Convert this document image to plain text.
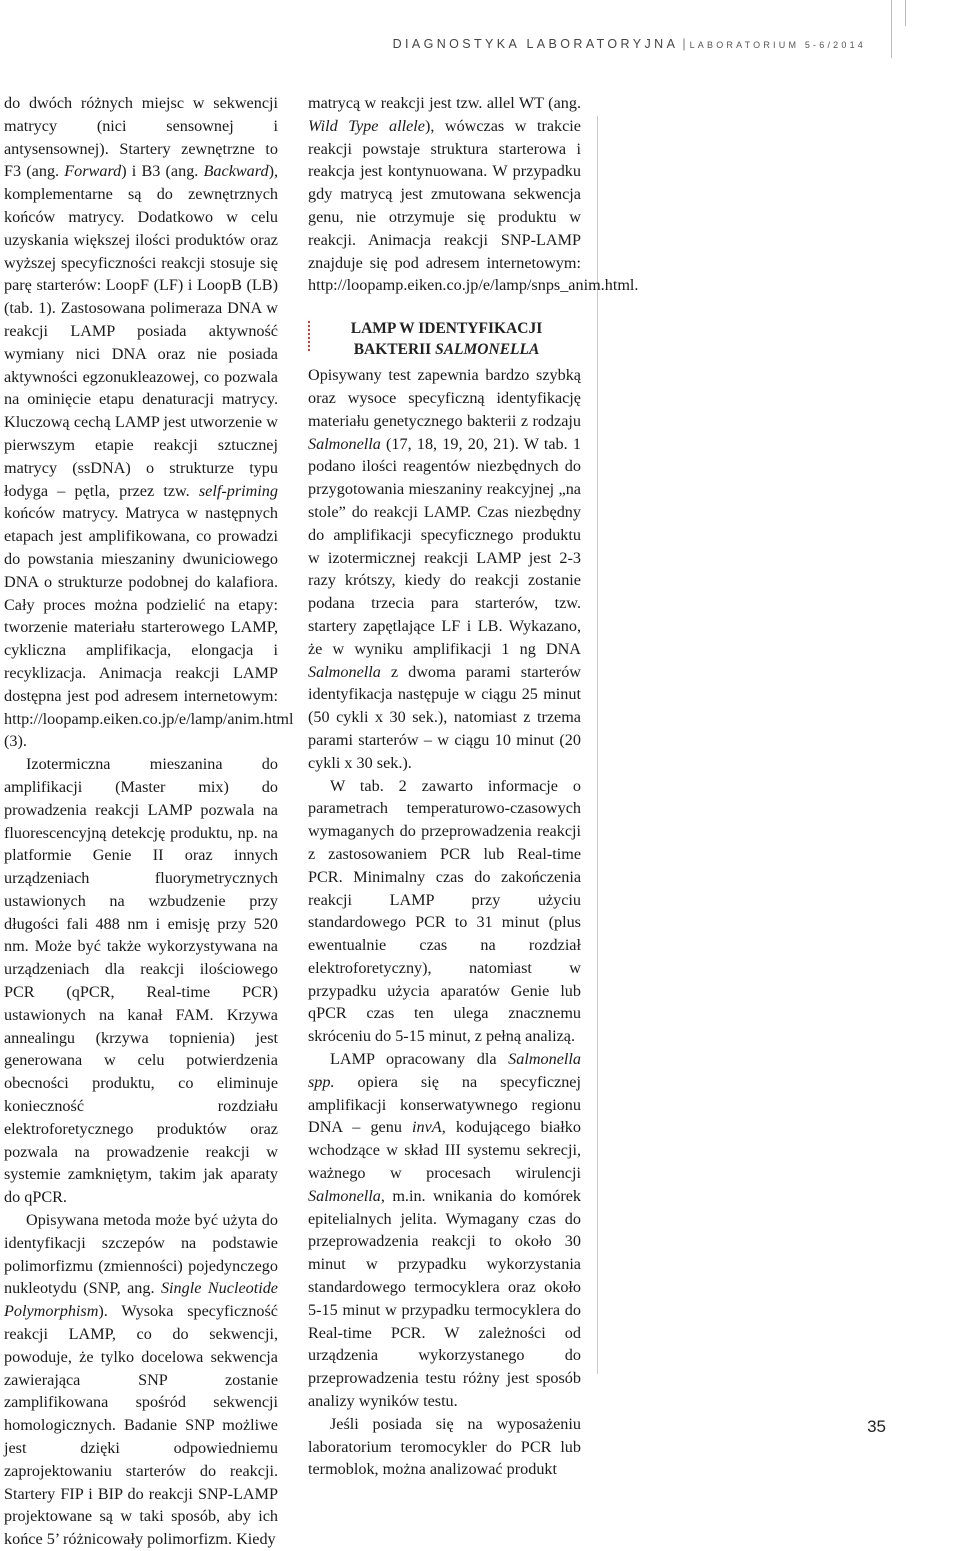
DIAGNOSTYKA LABORATORYJNA | LABORATORIUM 5-6/2014

do dwóch różnych miejsc w sekwencji matrycy (nici sensownej i antysensownej). Startery zewnętrzne to F3 (ang. Forward) i B3 (ang. Backward), komplementarne są do zewnętrznych końców matrycy. Dodatkowo w celu uzyskania większej ilości produktów oraz wyższej specyficzności reakcji stosuje się parę starterów: LoopF (LF) i LoopB (LB) (tab. 1). Zastosowana polimeraza DNA w reakcji LAMP posiada aktywność wymiany nici DNA oraz nie posiada aktywności egzonukleazowej, co pozwala na ominięcie etapu denaturacji matrycy. Kluczową cechą LAMP jest utworzenie w pierwszym etapie reakcji sztucznej matrycy (ssDNA) o strukturze typu łodyga – pętla, przez tzw. self-priming końców matrycy. Matryca w następnych etapach jest amplifikowana, co prowadzi do powstania mieszaniny dwuniciowego DNA o strukturze podobnej do kalafiora. Cały proces można podzielić na etapy: tworzenie materiału starterowego LAMP, cykliczna amplifikacja, elongacja i recyklizacja. Animacja reakcji LAMP dostępna jest pod adresem internetowym: http://loopamp.eiken.co.jp/e/lamp/anim.html (3).

Izotermiczna mieszanina do amplifikacji (Master mix) do prowadzenia reakcji LAMP pozwala na fluorescencyjną detekcję produktu, np. na platformie Genie II oraz innych urządzeniach fluorymetrycznych ustawionych na wzbudzenie przy długości fali 488 nm i emisję przy 520 nm. Może być także wykorzystywana na urządzeniach dla reakcji ilościowego PCR (qPCR, Real-time PCR) ustawionych na kanał FAM. Krzywa annealingu (krzywa topnienia) jest generowana w celu potwierdzenia obecności produktu, co eliminuje konieczność rozdziału elektroforetycznego produktów oraz pozwala na prowadzenie reakcji w systemie zamkniętym, takim jak aparaty do qPCR.

Opisywana metoda może być użyta do identyfikacji szczepów na podstawie polimorfizmu (zmienności) pojedynczego nukleotydu (SNP, ang. Single Nucleotide Polymorphism). Wysoka specyficzność reakcji LAMP, co do sekwencji, powoduje, że tylko docelowa sekwencja zawierająca SNP zostanie zamplifikowana spośród sekwencji homologicznych. Badanie SNP możliwe jest dzięki odpowiedniemu zaprojektowaniu starterów do reakcji. Startery FIP i BIP do reakcji SNP-LAMP projektowane są w taki sposób, aby ich końce 5’ różnicowały polimorfizm. Kiedy

matrycą w reakcji jest tzw. allel WT (ang. Wild Type allele), wówczas w trakcie reakcji powstaje struktura starterowa i reakcja jest kontynuowana. W przypadku gdy matrycą jest zmutowana sekwencja genu, nie otrzymuje się produktu w reakcji. Animacja reakcji SNP-LAMP znajduje się pod adresem internetowym: http://loopamp.eiken.co.jp/e/lamp/snps_anim.html.

LAMP W IDENTYFIKACJI
BAKTERII SALMONELLA

Opisywany test zapewnia bardzo szybką oraz wysoce specyficzną identyfikację materiału genetycznego bakterii z rodzaju Salmonella (17, 18, 19, 20, 21). W tab. 1 podano ilości reagentów niezbędnych do przygotowania mieszaniny reakcyjnej „na stole” do reakcji LAMP. Czas niezbędny do amplifikacji specyficznego produktu w izotermicznej reakcji LAMP jest 2-3 razy krótszy, kiedy do reakcji zostanie podana trzecia para starterów, tzw. startery zapętlające LF i LB. Wykazano, że w wyniku amplifikacji 1 ng DNA Salmonella z dwoma parami starterów identyfikacja następuje w ciągu 25 minut (50 cykli x 30 sek.), natomiast z trzema parami starterów – w ciągu 10 minut (20 cykli x 30 sek.).

W tab. 2 zawarto informacje o parametrach temperaturowo-czasowych wymaganych do przeprowadzenia reakcji z zastosowaniem PCR lub Real-time PCR. Minimalny czas do zakończenia reakcji LAMP przy użyciu standardowego PCR to 31 minut (plus ewentualnie czas na rozdział elektroforetyczny), natomiast w przypadku użycia aparatów Genie lub qPCR czas ten ulega znacznemu skróceniu do 5-15 minut, z pełną analizą.

LAMP opracowany dla Salmonella spp. opiera się na specyficznej amplifikacji konserwatywnego regionu DNA – genu invA, kodującego białko wchodzące w skład III systemu sekrecji, ważnego w procesach wirulencji Salmonella, m.in. wnikania do komórek epitelialnych jelita. Wymagany czas do przeprowadzenia reakcji to około 30 minut w przypadku wykorzystania standardowego termocyklera oraz około 5-15 minut w przypadku termocyklera do Real-time PCR. W zależności od urządzenia wykorzystanego do przeprowadzenia testu różny jest sposób analizy wyników testu.

Jeśli posiada się na wyposażeniu laboratorium teromocykler do PCR lub termoblok, można analizować produkt

35
